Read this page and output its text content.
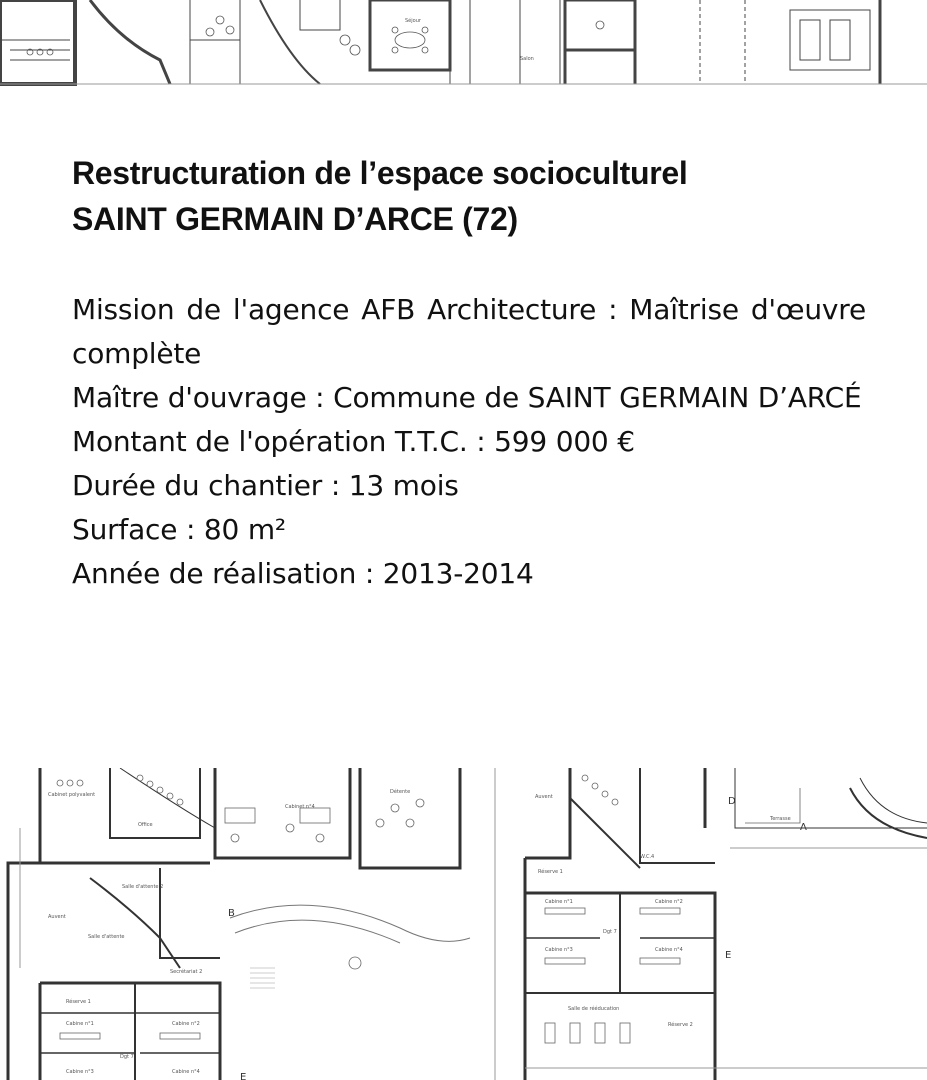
Séjour
Salon
Restructuration de l’espace socioculturel
SAINT GERMAIN D’ARCE (72)

Mission de l'agence AFB Architecture : Maîtrise d'œuvre complète

Maître d'ouvrage : Commune de SAINT GERMAIN D’ARCÉ

Montant de l'opération T.T.C. : 599 000 €

Durée du chantier : 13 mois

Surface : 80 m²

Année de réalisation : 2013-2014

Cabinet polyvalent
Office
Salle d'attente 2
Salle d'attente
Auvent
Cabinet n°4
Détente
Secrétariat 2
Réserve 1
Cabine n°1	Cabine n°2
Dgt 7
Cabine n°3	Cabine n°4
B
E
Réserve 1
Cabine n°1	Cabine n°2
Cabine n°3	Cabine n°4
Dgt 7
Salle de rééducation
Réserve 2
W.C.4
Terrasse
Auvent
A
D
E
